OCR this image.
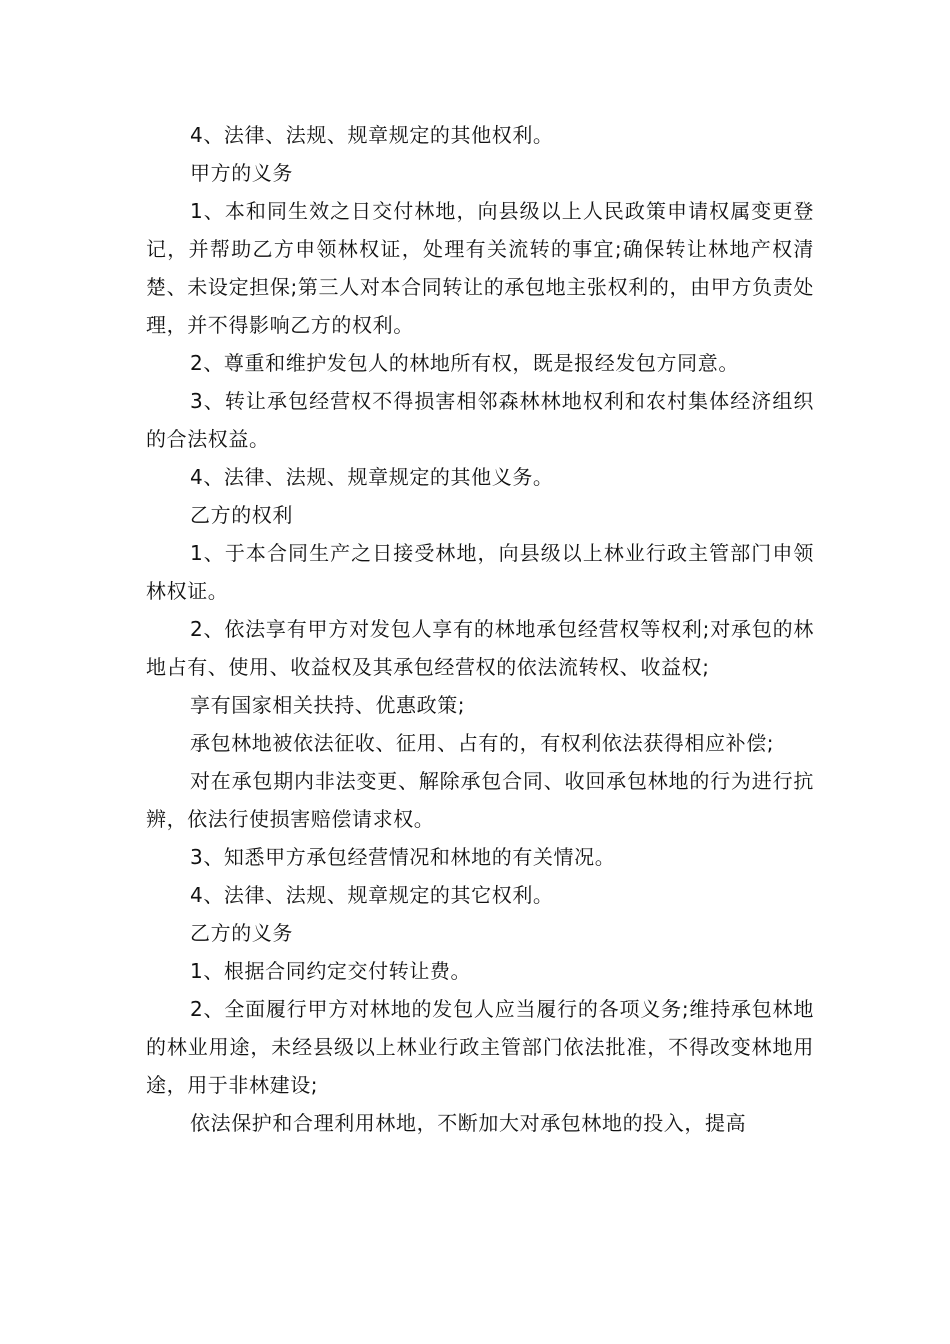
4、法律、法规、规章规定的其他权利。

甲方的义务

1、本和同生效之日交付林地，向县级以上人民政策申请权属变更登记，并帮助乙方申领林权证，处理有关流转的事宜;确保转让林地产权清楚、未设定担保;第三人对本合同转让的承包地主张权利的，由甲方负责处理，并不得影响乙方的权利。

2、尊重和维护发包人的林地所有权，既是报经发包方同意。

3、转让承包经营权不得损害相邻森林林地权利和农村集体经济组织的合法权益。

4、法律、法规、规章规定的其他义务。

乙方的权利

1、于本合同生产之日接受林地，向县级以上林业行政主管部门申领林权证。

2、依法享有甲方对发包人享有的林地承包经营权等权利;对承包的林地占有、使用、收益权及其承包经营权的依法流转权、收益权;

享有国家相关扶持、优惠政策;

承包林地被依法征收、征用、占有的，有权利依法获得相应补偿;

对在承包期内非法变更、解除承包合同、收回承包林地的行为进行抗辨，依法行使损害赔偿请求权。

3、知悉甲方承包经营情况和林地的有关情况。

4、法律、法规、规章规定的其它权利。

乙方的义务

1、根据合同约定交付转让费。

2、全面履行甲方对林地的发包人应当履行的各项义务;维持承包林地的林业用途，未经县级以上林业行政主管部门依法批准，不得改变林地用途，用于非林建设;

依法保护和合理利用林地，不断加大对承包林地的投入，提高
